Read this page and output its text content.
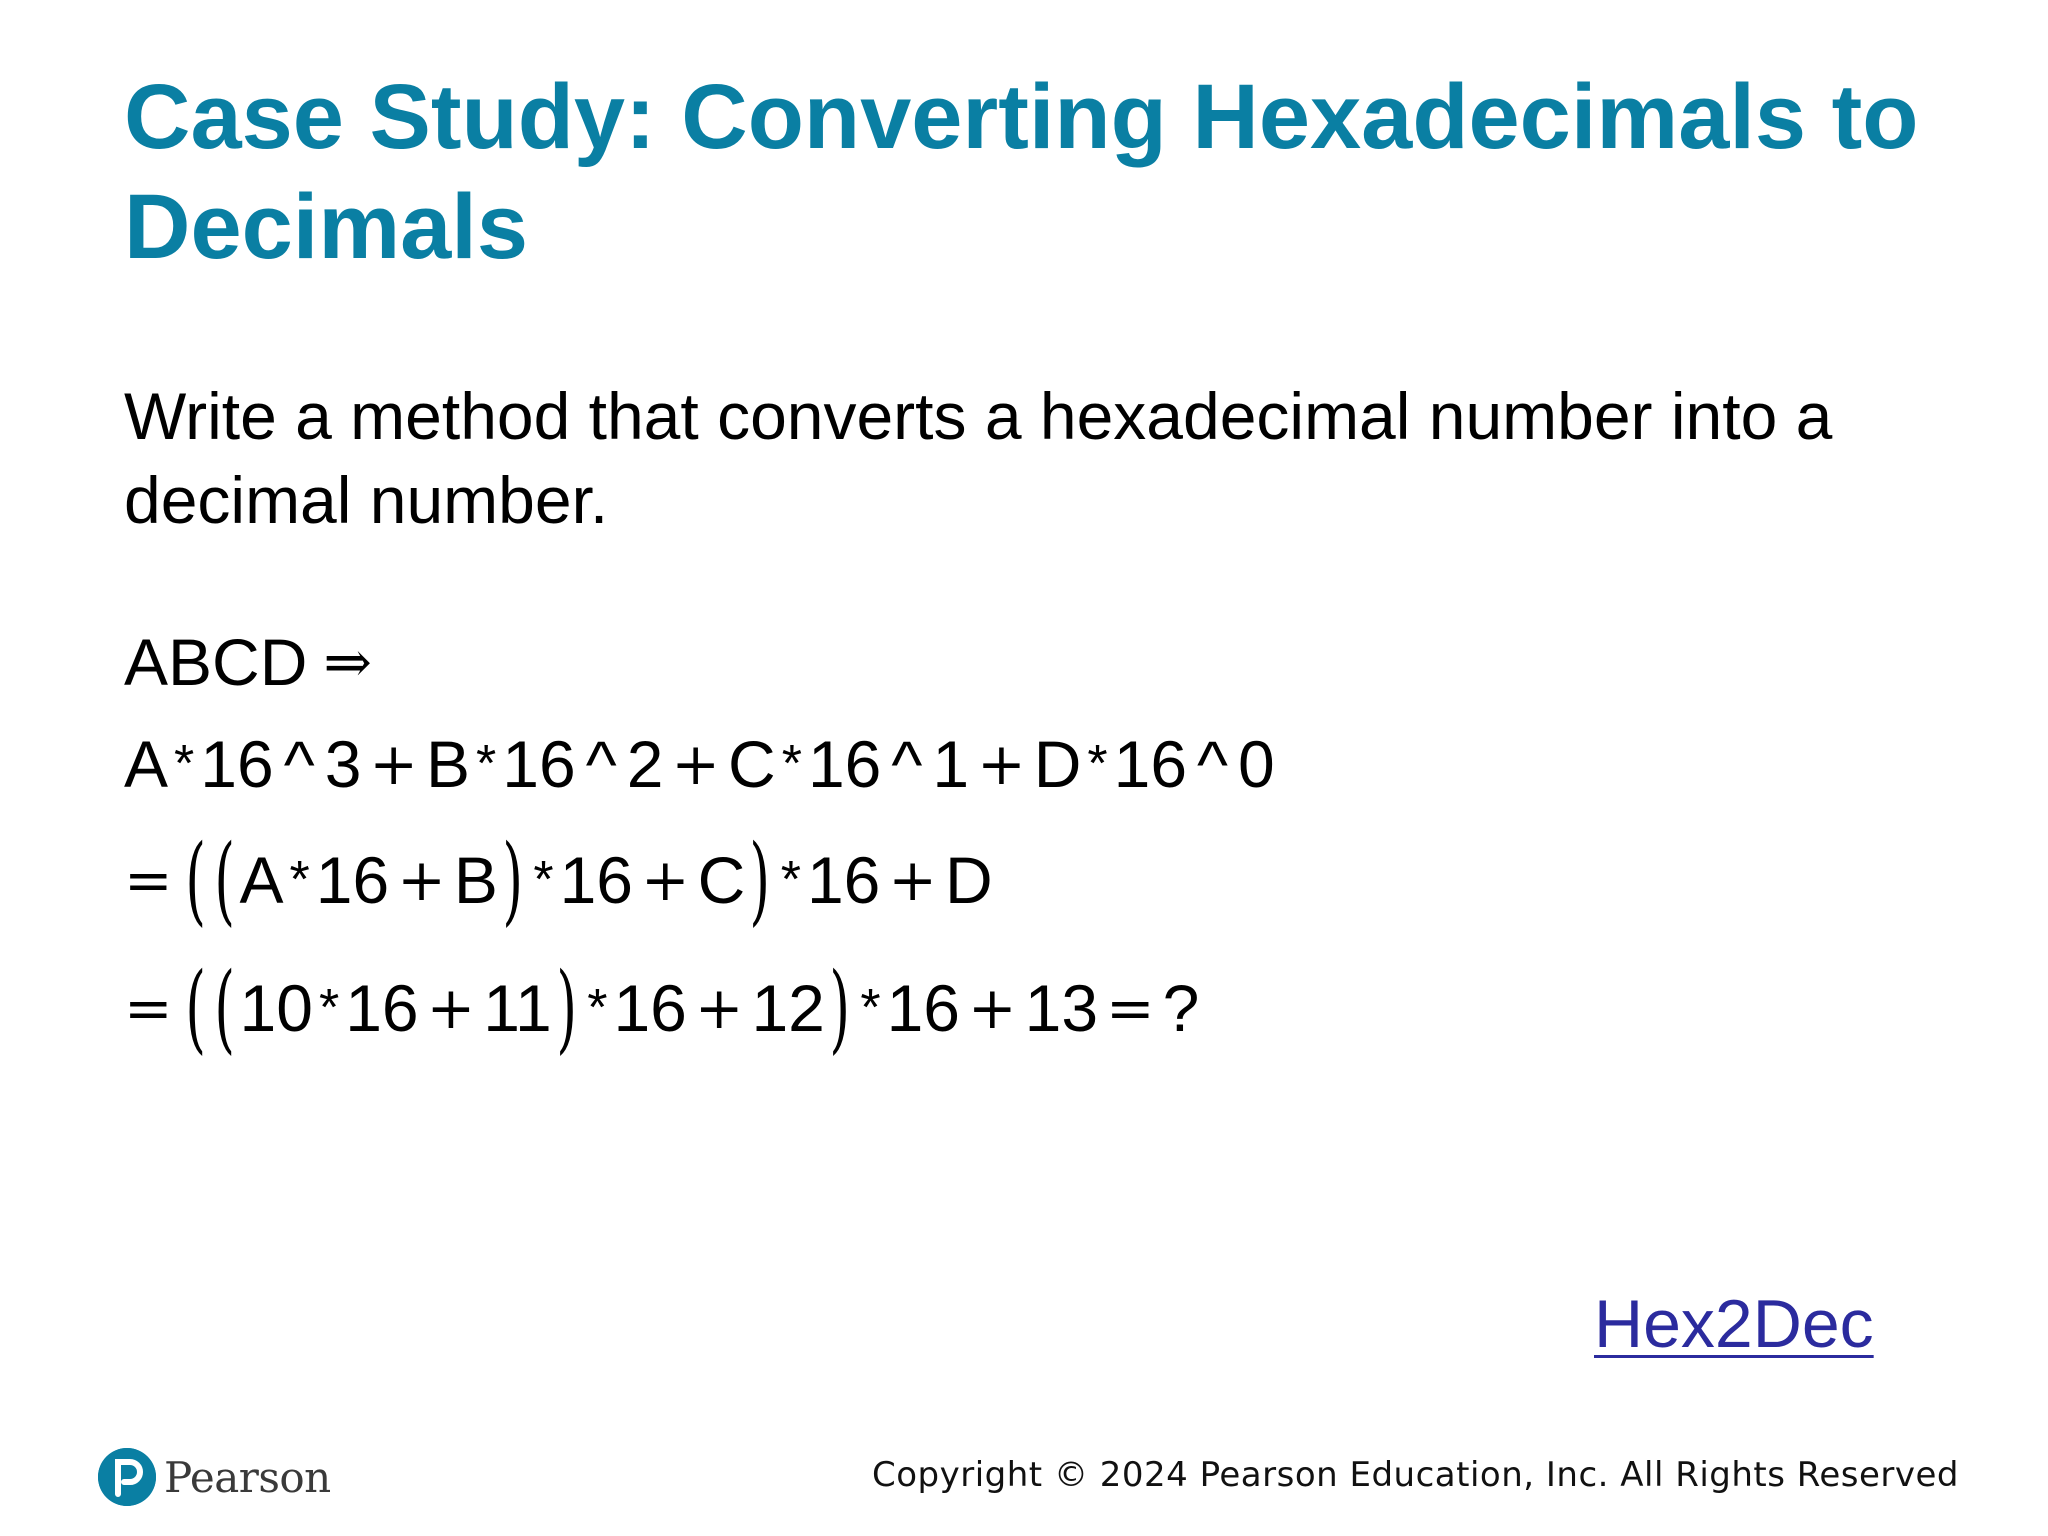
Case Study: Converting Hexadecimals to Decimals

Write a method that converts a hexadecimal number into a decimal number.

ABCD ⇒
A * 16 ^ 3 + B * 16 ^ 2 + C * 16 ^ 1 + D * 16 ^ 0
= ( ( A * 16 + B ) * 16 + C ) * 16 + D
= ( ( 10 * 16 + 11 ) * 16 + 12 ) * 16 + 13 = ?
Hex2Dec
Pearson	Copyright © 2024 Pearson Education, Inc. All Rights Reserved
